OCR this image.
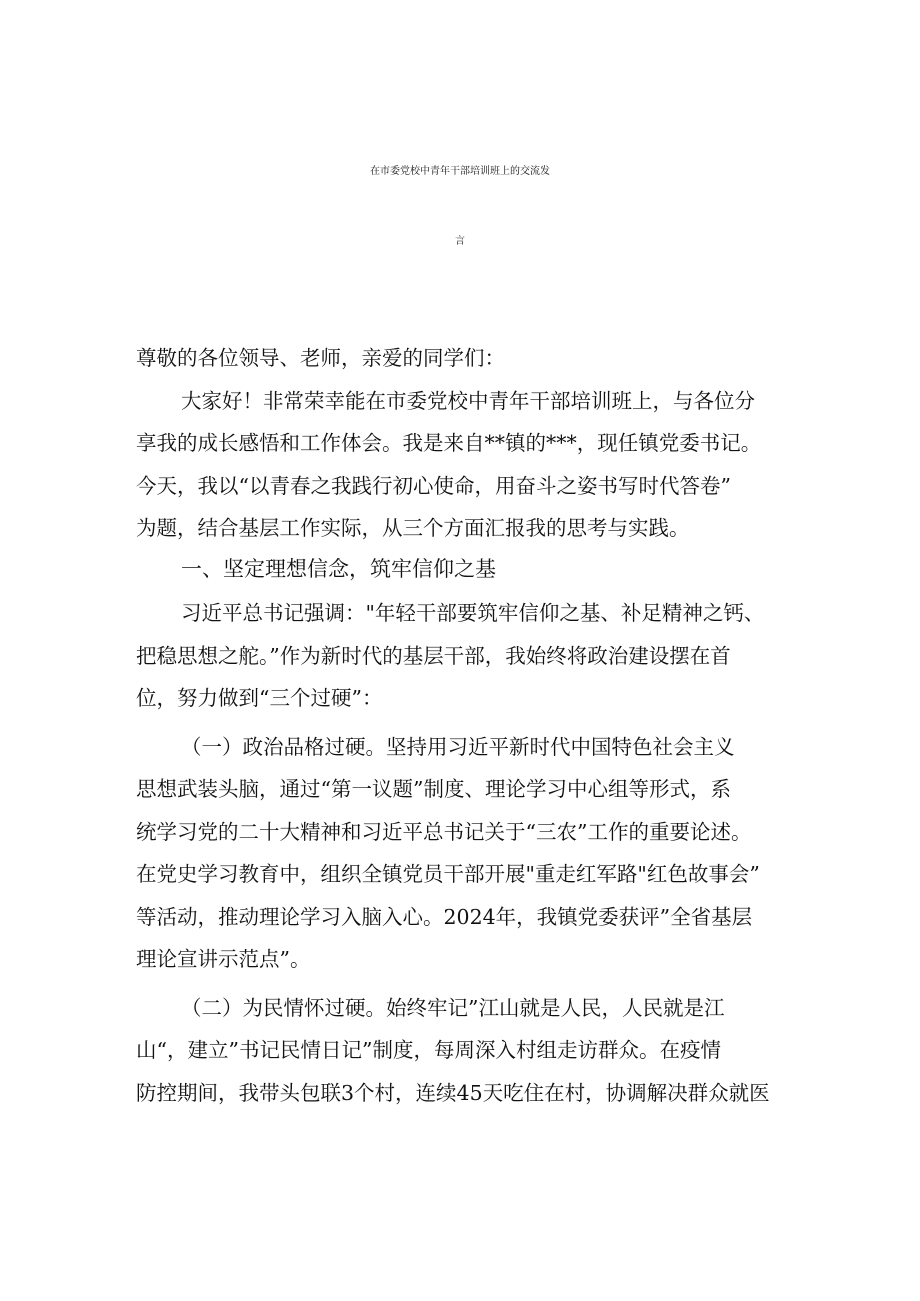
在市委党校中青年干部培训班上的交流发
言
尊敬的各位领导、老师，亲爱的同学们：
大家好！非常荣幸能在市委党校中青年干部培训班上，与各位分
享我的成长感悟和工作体会。我是来自**镇的***，现任镇党委书记。
今天，我以“以青春之我践行初心使命，用奋斗之姿书写时代答卷”
为题，结合基层工作实际，从三个方面汇报我的思考与实践。
一、坚定理想信念，筑牢信仰之基
习近平总书记强调："年轻干部要筑牢信仰之基、补足精神之钙、
把稳思想之舵。”作为新时代的基层干部，我始终将政治建设摆在首
位，努力做到“三个过硬”：
（一）政治品格过硬。坚持用习近平新时代中国特色社会主义
思想武装头脑，通过“第一议题”制度、理论学习中心组等形式，系
统学习党的二十大精神和习近平总书记关于“三农”工作的重要论述。
在党史学习教育中，组织全镇党员干部开展"重走红军路"红色故事会”
等活动，推动理论学习入脑入心。2024年，我镇党委获评”全省基层
理论宣讲示范点”。
（二）为民情怀过硬。始终牢记”江山就是人民，人民就是江
山“，建立”书记民情日记”制度，每周深入村组走访群众。在疫情
防控期间，我带头包联3个村，连续45天吃住在村，协调解决群众就医
